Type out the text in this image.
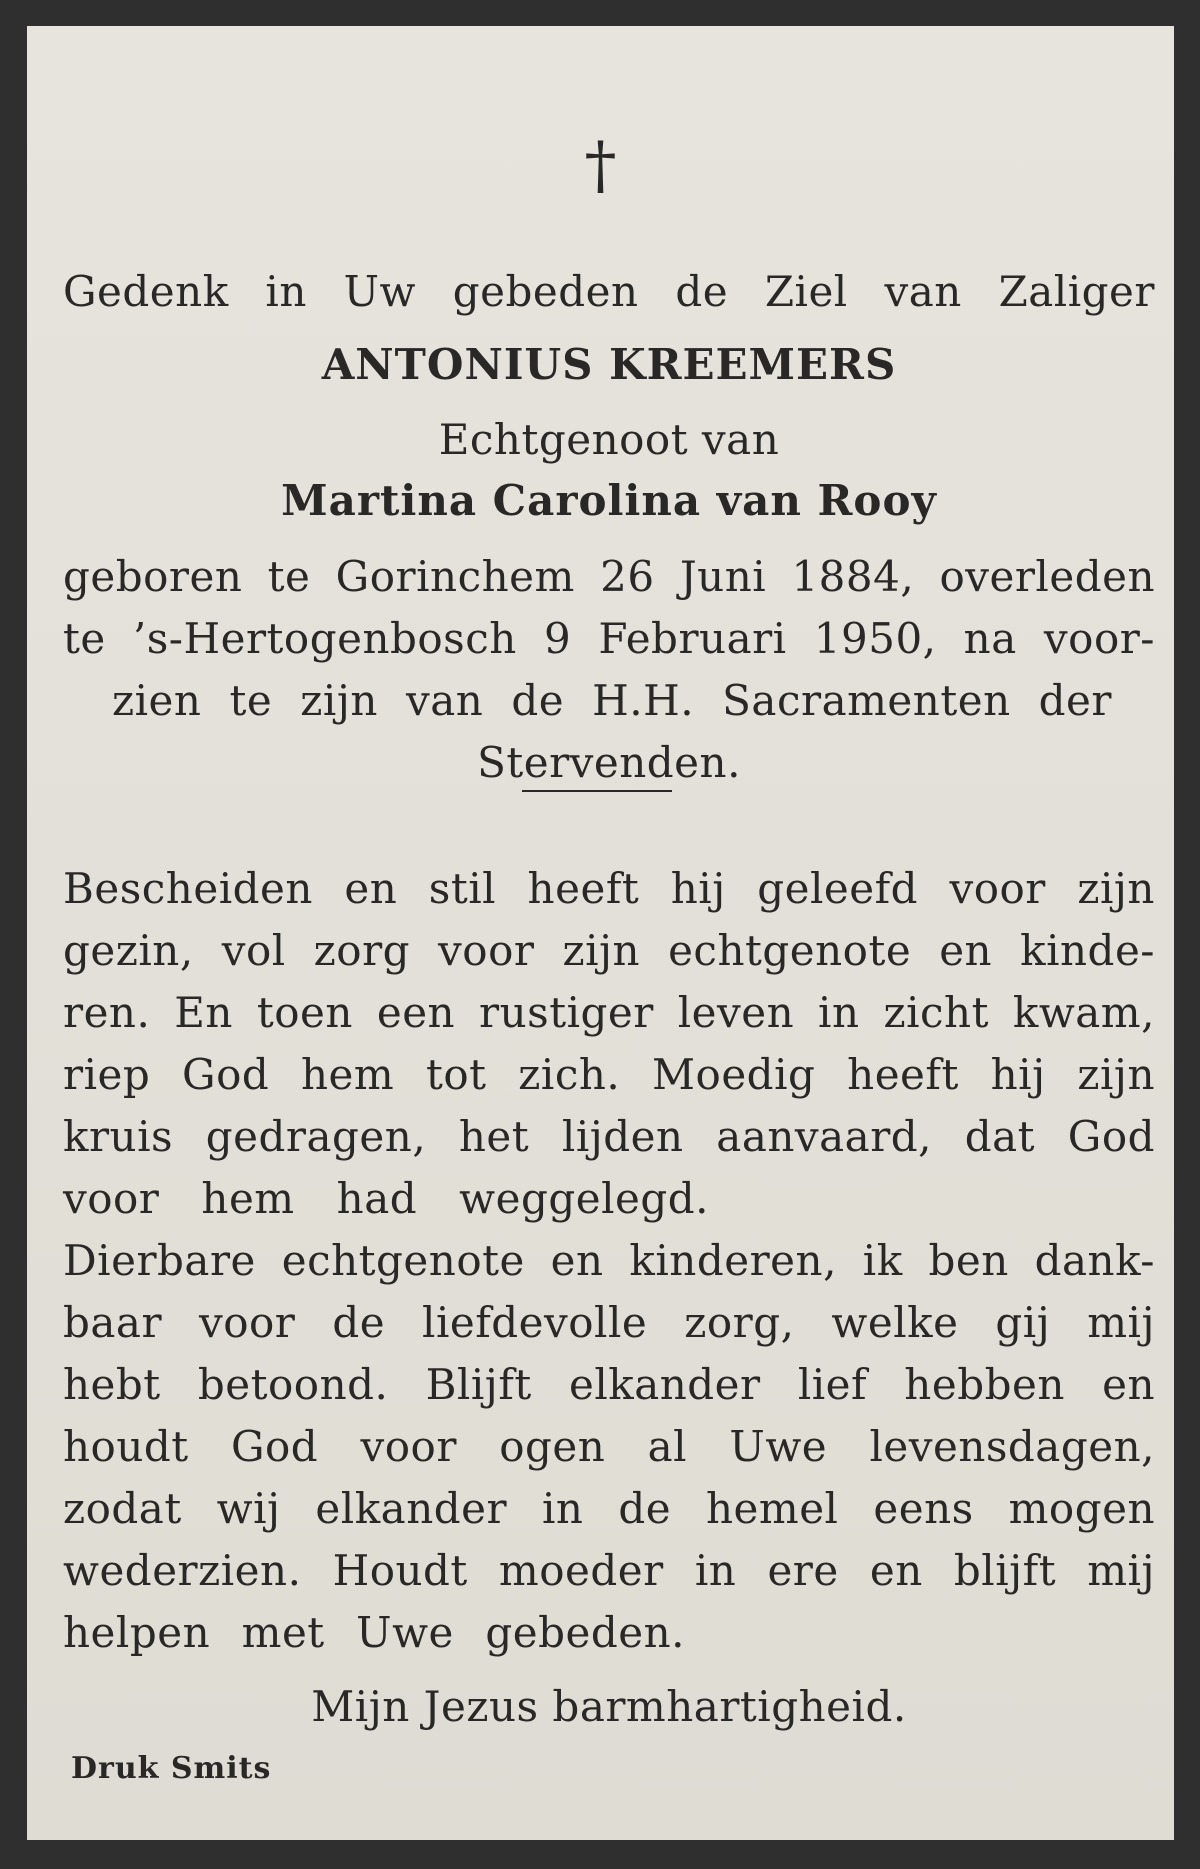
†
Gedenk in Uw gebeden de Ziel van Zaliger
ANTONIUS KREEMERS
Echtgenoot van
Martina Carolina van Rooy
geboren te Gorinchem 26 Juni 1884, overleden
te ’s-Hertogenbosch 9 Februari 1950, na voor-
zien te zijn van de H.H. Sacramenten der
Stervenden.
Bescheiden en stil heeft hij geleefd voor zijn
gezin, vol zorg voor zijn echtgenote en kinde-
ren. En toen een rustiger leven in zicht kwam,
riep God hem tot zich. Moedig heeft hij zijn
kruis gedragen, het lijden aanvaard, dat God
voor hem had weggelegd.
Dierbare echtgenote en kinderen, ik ben dank-
baar voor de liefdevolle zorg, welke gij mij
hebt betoond. Blijft elkander lief hebben en
houdt God voor ogen al Uwe levensdagen,
zodat wij elkander in de hemel eens mogen
wederzien. Houdt moeder in ere en blijft mij
helpen met Uwe gebeden.
Mijn Jezus barmhartigheid.
Druk Smits
